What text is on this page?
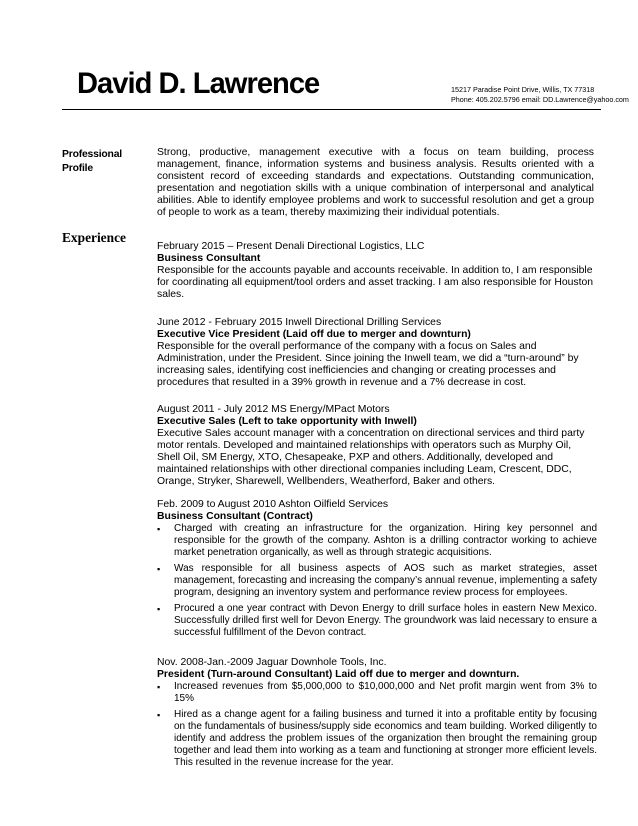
David D. Lawrence	15217 Paradise Point Drive, Willis, TX 77318
Phone: 405.202.5796 email: DD.Lawrence@yahoo.com
Professional
Profile

Strong, productive, management executive with a focus on team building, process management, finance, information systems and business analysis. Results oriented with a consistent record of exceeding standards and expectations. Outstanding communication, presentation and negotiation skills with a unique combination of interpersonal and analytical abilities. Able to identify employee problems and work to successful resolution and get a group of people to work as a team, thereby maximizing their individual potentials.

Experience

February 2015 – Present Denali Directional Logistics, LLC

Business Consultant

Responsible for the accounts payable and accounts receivable. In addition to, I am responsible for coordinating all equipment/tool orders and asset tracking. I am also responsible for Houston sales.

June 2012 - February 2015 Inwell Directional Drilling Services

Executive Vice President (Laid off due to merger and downturn)

Responsible for the overall performance of the company with a focus on Sales and Administration, under the President. Since joining the Inwell team, we did a “turn-around” by increasing sales, identifying cost inefficiencies and changing or creating processes and procedures that resulted in a 39% growth in revenue and a 7% decrease in cost.

August 2011 - July 2012 MS Energy/MPact Motors

Executive Sales (Left to take opportunity with Inwell)

Executive Sales account manager with a concentration on directional services and third party motor rentals. Developed and maintained relationships with operators such as Murphy Oil, Shell Oil, SM Energy, XTO, Chesapeake, PXP and others. Additionally, developed and maintained relationships with other directional companies including Leam, Crescent, DDC, Orange, Stryker, Sharewell, Wellbenders, Weatherford, Baker and others.

Feb. 2009 to August 2010 Ashton Oilfield Services

Business Consultant (Contract)

▪ Charged with creating an infrastructure for the organization. Hiring key personnel and responsible for the growth of the company. Ashton is a drilling contractor working to achieve market penetration organically, as well as through strategic acquisitions.
▪ Was responsible for all business aspects of AOS such as market strategies, asset management, forecasting and increasing the company’s annual revenue, implementing a safety program, designing an inventory system and performance review process for employees.
▪ Procured a one year contract with Devon Energy to drill surface holes in eastern New Mexico. Successfully drilled first well for Devon Energy. The groundwork was laid necessary to ensure a successful fulfillment of the Devon contract.

Nov. 2008-Jan.-2009 Jaguar Downhole Tools, Inc.

President (Turn-around Consultant) Laid off due to merger and downturn.

▪ Increased revenues from $5,000,000 to $10,000,000 and Net profit margin went from 3% to 15%
▪ Hired as a change agent for a failing business and turned it into a profitable entity by focusing on the fundamentals of business/supply side economics and team building. Worked diligently to identify and address the problem issues of the organization then brought the remaining group together and lead them into working as a team and functioning at stronger more efficient levels. This resulted in the revenue increase for the year.
